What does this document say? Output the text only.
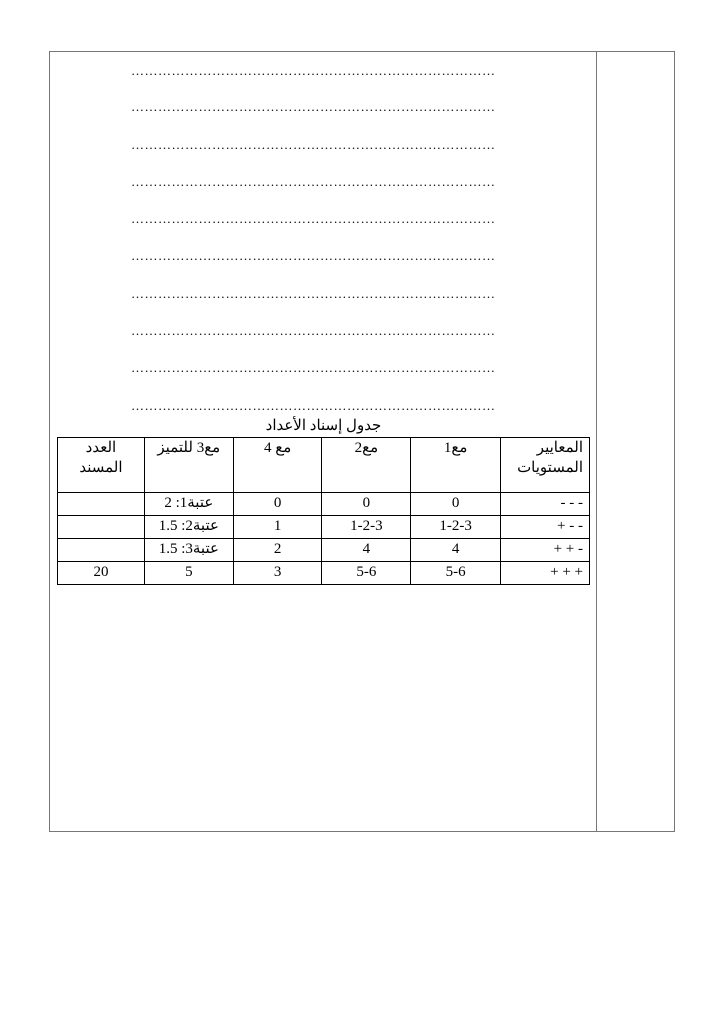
………………………………………………………………………
………………………………………………………………………
………………………………………………………………………
………………………………………………………………………
………………………………………………………………………
………………………………………………………………………
………………………………………………………………………
………………………………………………………………………
………………………………………………………………………
………………………………………………………………………
جدول إسناد الأعداد
المعايير
المستويات	مع1	مع2	مع 4	مع3 للتميز	العدد المسند
- - -	0	0	0	عتبة1: 2	
+ - -	1-2-3	1-2-3	1	عتبة2: 1.5	
+ + -	4	4	2	عتبة3: 1.5	
+ + +	5-6	5-6	3	5	20
